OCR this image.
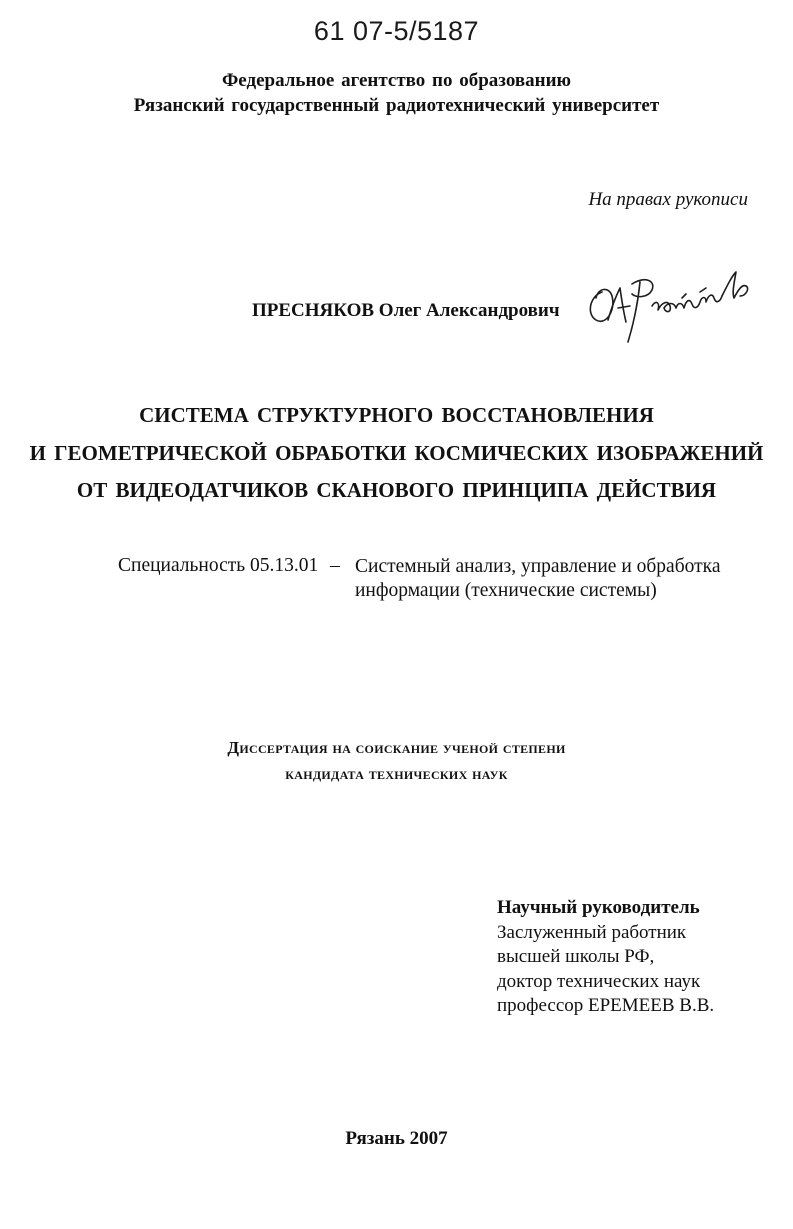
61 07-5/5187
Федеральное агентство по образованию
Рязанский государственный радиотехнический университет
На правах рукописи
ПРЕСНЯКОВ Олег Александрович
СИСТЕМА СТРУКТУРНОГО ВОССТАНОВЛЕНИЯ
И ГЕОМЕТРИЧЕСКОЙ ОБРАБОТКИ КОСМИЧЕСКИХ ИЗОБРАЖЕНИЙ
ОТ ВИДЕОДАТЧИКОВ СКАНОВОГО ПРИНЦИПА ДЕЙСТВИЯ
Специальность 05.13.01 – Системный анализ, управление и обработка информации (технические системы)
Диссертация на соискание ученой степени
кандидата технических наук
Научный руководитель
Заслуженный работник
высшей школы РФ,
доктор технических наук
профессор ЕРЕМЕЕВ В.В.
Рязань 2007
